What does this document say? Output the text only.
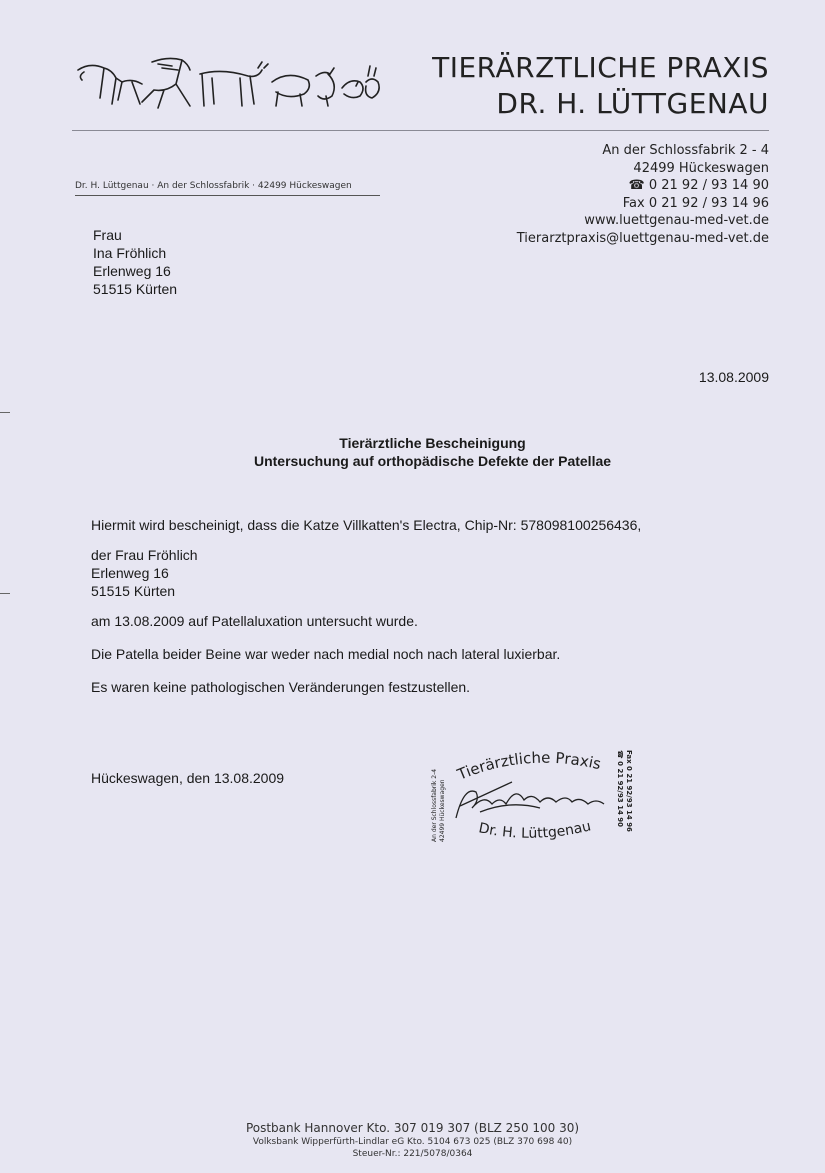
TIERÄRZTLICHE PRAXIS
DR. H. LÜTTGENAU
An der Schlossfabrik 2 - 4
42499 Hückeswagen
☎ 0 21 92 / 93 14 90
Fax 0 21 92 / 93 14 96
www.luettgenau-med-vet.de
Tierarztpraxis@luettgenau-med-vet.de
Dr. H. Lüttgenau · An der Schlossfabrik · 42499 Hückeswagen
Frau
Ina Fröhlich
Erlenweg 16
51515 Kürten
13.08.2009
Tierärztliche Bescheinigung
Untersuchung auf orthopädische Defekte der Patellae
Hiermit wird bescheinigt, dass die Katze Villkatten's Electra, Chip-Nr: 578098100256436,
der Frau Fröhlich
Erlenweg 16
51515 Kürten
am 13.08.2009 auf Patellaluxation untersucht wurde.
Die Patella beider Beine war weder nach medial noch nach lateral luxierbar.
Es waren keine pathologischen Veränderungen festzustellen.
Hückeswagen, den 13.08.2009	Tierärztliche Praxis
Dr. H. Lüttgenau
An der Schlossfabrik 2-4 42499 Hückeswagen	☎ 0 21 92/93 14 90 Fax 0 21 92/93 14 96
Postbank Hannover Kto. 307 019 307 (BLZ 250 100 30)
Volksbank Wipperfürth-Lindlar eG Kto. 5104 673 025 (BLZ 370 698 40)
Steuer-Nr.: 221/5078/0364
